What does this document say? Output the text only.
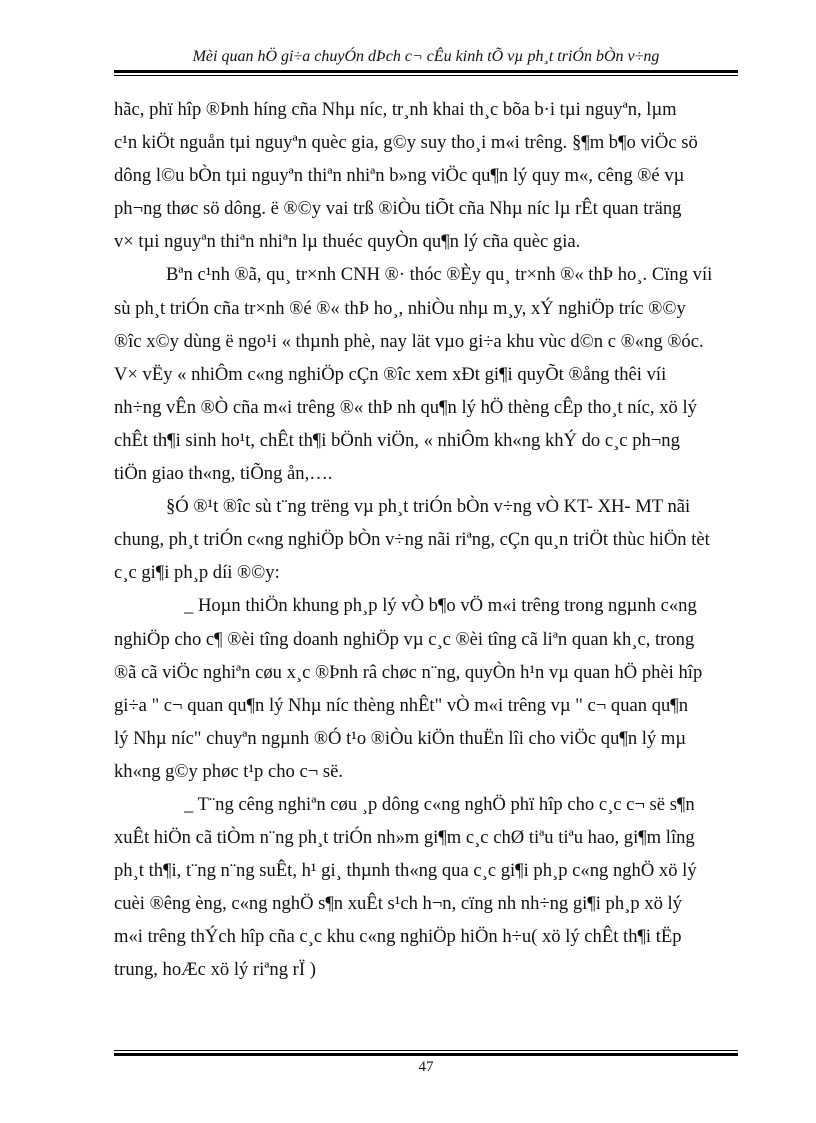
Mèi quan hÖ gi÷a chuyÓn dÞch c¬ cÊu kinh tÕ vµ ph¸t triÓn bÒn v÷ng
hãc, phï hîp ®Þnh híng cña Nhµ níc, tr¸nh khai th¸c bõa b·i tµi nguyªn, lµm
c¹n kiÖt nguån tµi nguyªn quèc gia, g©y suy tho¸i m«i trêng. §¶m b¶o viÖc sö
dông l©u bÒn tµi nguyªn thiªn nhiªn b»ng viÖc qu¶n lý quy m«, cêng ®é vµ
ph¬ng thøc sö dông. ë ®©y vai trß ®iÒu tiÕt cña Nhµ níc lµ rÊt quan träng
v× tµi nguyªn thiªn nhiªn lµ thuéc quyÒn qu¶n lý cña quèc gia.
Bªn c¹nh ®ã, qu¸ tr×nh CNH ®· thóc ®Èy qu¸ tr×nh ®« thÞ ho¸. Cïng víi
sù ph¸t triÓn cña tr×nh ®é ®« thÞ ho¸, nhiÒu nhµ m¸y, xÝ nghiÖp tríc ®©y
®îc x©y dùng ë ngo¹i « thµnh phè, nay lät vµo gi÷a khu vùc d©n c ®«ng ®óc.
V× vËy « nhiÔm c«ng nghiÖp cÇn ®îc xem xÐt gi¶i quyÕt ®ång thêi víi
nh÷ng vÊn ®Ò cña m«i trêng ®« thÞ nh qu¶n lý hÖ thèng cÊp tho¸t níc, xö lý
chÊt th¶i sinh ho¹t, chÊt th¶i bÖnh viÖn, « nhiÔm kh«ng khÝ do c¸c ph¬ng
tiÖn giao th«ng, tiÕng ån,….
§Ó ®¹t ®îc sù t¨ng trëng vµ ph¸t triÓn bÒn v÷ng vÒ KT- XH- MT nãi
chung, ph¸t triÓn c«ng nghiÖp bÒn v÷ng nãi riªng, cÇn qu¸n triÖt thùc hiÖn tèt
c¸c gi¶i ph¸p díi ®©y:
_ Hoµn thiÖn khung ph¸p lý vÒ b¶o vÖ m«i trêng trong ngµnh c«ng
nghiÖp cho c¶ ®èi tîng doanh nghiÖp vµ c¸c ®èi tîng cã liªn quan kh¸c, trong
®ã cã viÖc nghiªn cøu x¸c ®Þnh râ chøc n¨ng, quyÒn h¹n vµ quan hÖ phèi hîp
gi÷a " c¬ quan qu¶n lý Nhµ níc thèng nhÊt" vÒ m«i trêng vµ " c¬ quan qu¶n
lý Nhµ níc" chuyªn ngµnh ®Ó t¹o ®iÒu kiÖn thuËn lîi cho viÖc qu¶n lý mµ
kh«ng g©y phøc t¹p cho c¬ së.
_ T¨ng cêng nghiªn cøu ¸p dông c«ng nghÖ phï hîp cho c¸c c¬ së s¶n
xuÊt hiÖn cã tiÒm n¨ng ph¸t triÓn nh»m gi¶m c¸c chØ tiªu tiªu hao, gi¶m lîng
ph¸t th¶i, t¨ng n¨ng suÊt, h¹ gi¸ thµnh th«ng qua c¸c gi¶i ph¸p c«ng nghÖ xö lý
cuèi ®êng èng, c«ng nghÖ s¶n xuÊt s¹ch h¬n, cïng nh nh÷ng gi¶i ph¸p xö lý
m«i trêng thÝch hîp cña c¸c khu c«ng nghiÖp hiÖn h÷u( xö lý chÊt th¶i tËp
trung, hoÆc xö lý riªng rÏ )
47
